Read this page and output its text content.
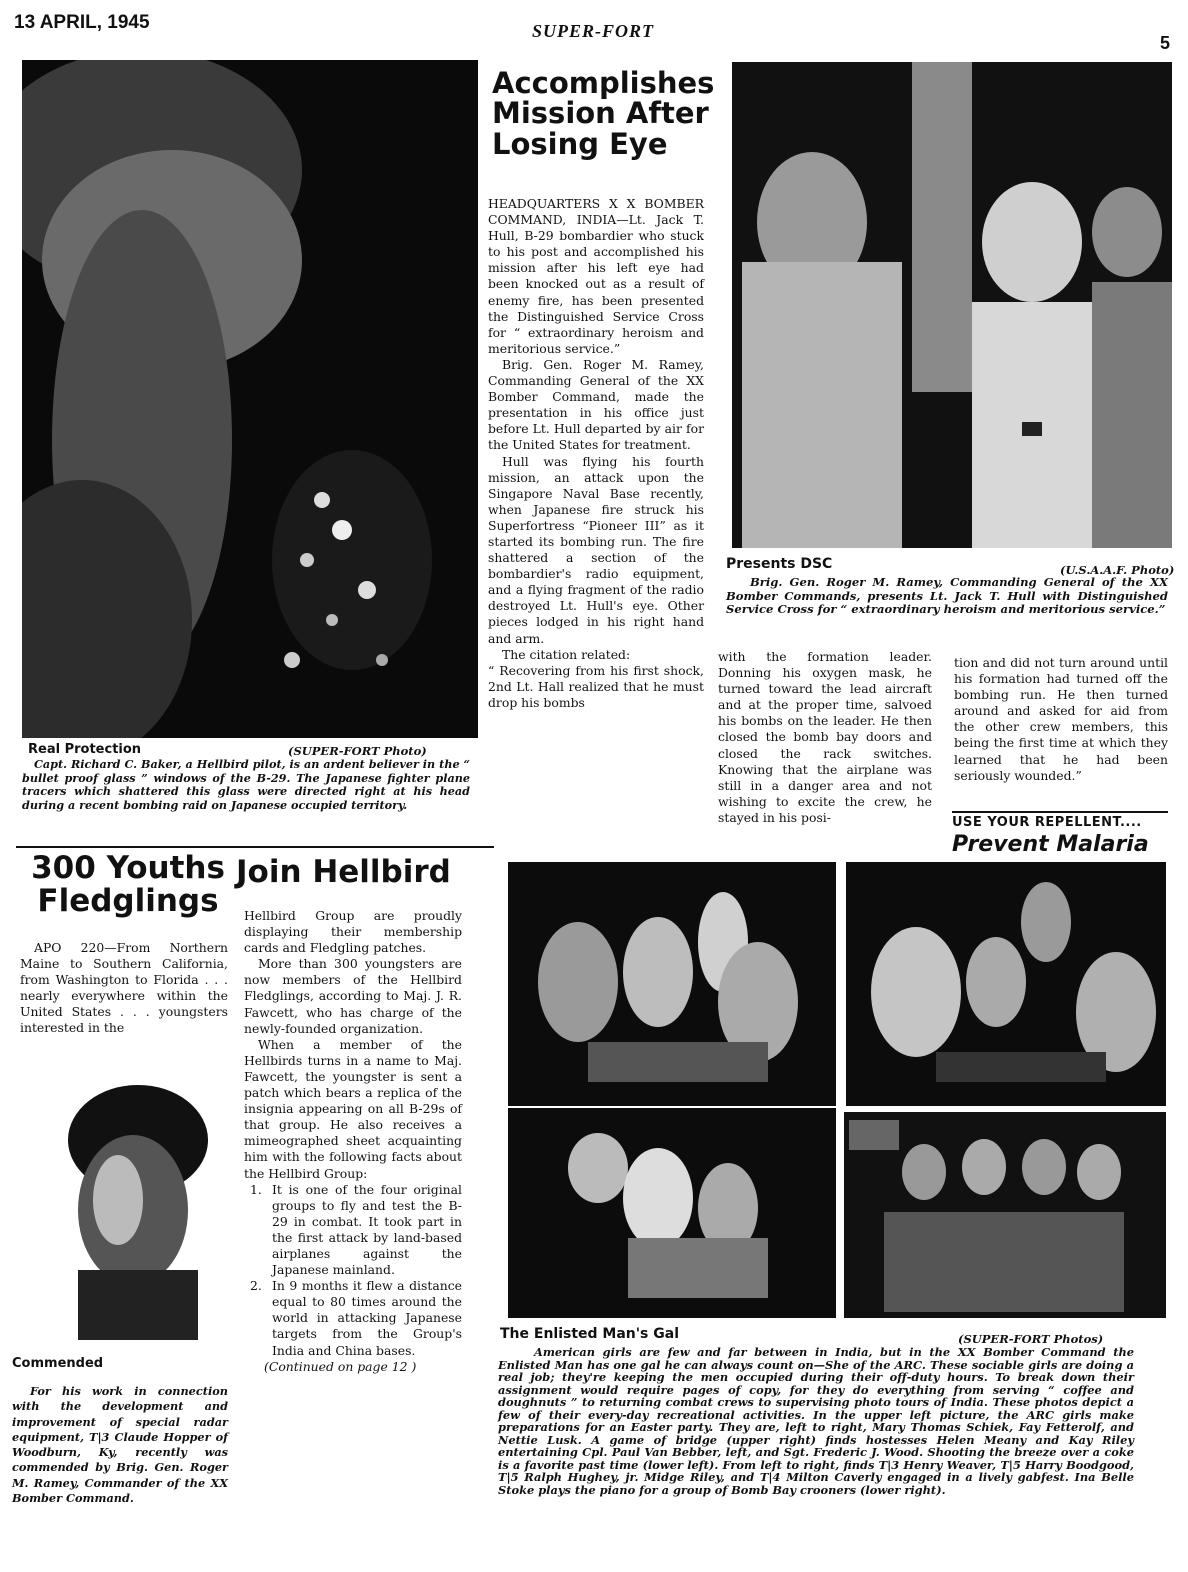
13 APRIL, 1945	SUPER-FORT
5
Real Protection	(SUPER-FORT Photo)
Capt. Richard C. Baker, a Hellbird pilot, is an ardent believer in the “ bullet proof glass ” windows of the B-29. The Japanese fighter plane tracers which shattered this glass were directed right at his head during a recent bombing raid on Japanese occupied territory.
Accomplishes
Mission After
Losing Eye

HEADQUARTERS X X BOMBER COMMAND, INDIA—Lt. Jack T. Hull, B-29 bombardier who stuck to his post and accomplished his mission after his left eye had been knocked out as a result of enemy fire, has been presented the Distinguished Service Cross for “ extraordinary heroism and meritorious service.”

Brig. Gen. Roger M. Ramey, Commanding General of the XX Bomber Command, made the presentation in his office just before Lt. Hull departed by air for the United States for treatment.

Hull was flying his fourth mission, an attack upon the Singapore Naval Base recently, when Japanese fire struck his Superfortress “Pioneer III” as it started its bombing run. The fire shattered a section of the bombardier's radio equipment, and a flying fragment of the radio destroyed Lt. Hull's eye. Other pieces lodged in his right hand and arm.

The citation related:

“ Recovering from his first shock, 2nd Lt. Hall realized that he must drop his bombs

Presents DSC	(U.S.A.A.F. Photo)
Brig. Gen. Roger M. Ramey, Commanding General of the XX Bomber Commands, presents Lt. Jack T. Hull with Distinguished Service Cross for “ extraordinary heroism and meritorious service.”

with the formation leader. Donning his oxygen mask, he turned toward the lead aircraft and at the proper time, salvoed his bombs on the leader. He then closed the bomb bay doors and closed the rack switches. Knowing that the airplane was still in a danger area and not wishing to excite the crew, he stayed in his posi-

tion and did not turn around until his formation had turned off the bombing run. He then turned around and asked for aid from the other crew members, this being the first time at which they learned that he had been seriously wounded.”

USE YOUR REPELLENT....
Prevent Malaria
300 Youths
Fledglings
Join Hellbird

APO 220—From Northern Maine to Southern California, from Washington to Florida . . . nearly everywhere within the United States . . . youngsters interested in the

Commended
For his work in connection with the development and improvement of special radar equipment, T|3 Claude Hopper of Woodburn, Ky, recently was commended by Brig. Gen. Roger M. Ramey, Commander of the XX Bomber Command.

Hellbird Group are proudly displaying their membership cards and Fledgling patches.

More than 300 youngsters are now members of the Hellbird Fledglings, according to Maj. J. R. Fawcett, who has charge of the newly-founded organization.

When a member of the Hellbirds turns in a name to Maj. Fawcett, the youngster is sent a patch which bears a replica of the insignia appearing on all B-29s of that group. He also receives a mimeographed sheet acquainting him with the following facts about the Hellbird Group:

1. It is one of the four original groups to fly and test the B-29 in combat. It took part in the first attack by land-based airplanes against the Japanese mainland.
2. In 9 months it flew a distance equal to 80 times around the world in attacking Japanese targets from the Group's India and China bases.

(Continued on page 12 )

The Enlisted Man's Gal	(SUPER-FORT Photos)
American girls are few and far between in India, but in the XX Bomber Command the Enlisted Man has one gal he can always count on—She of the ARC. These sociable girls are doing a real job; they're keeping the men occupied during their off-duty hours. To break down their assignment would require pages of copy, for they do everything from serving “ coffee and doughnuts ” to returning combat crews to supervising photo tours of India. These photos depict a few of their every-day recreational activities. In the upper left picture, the ARC girls make preparations for an Easter party. They are, left to right, Mary Thomas Schiek, Fay Fetterolf, and Nettie Lusk. A game of bridge (upper right) finds hostesses Helen Meany and Kay Riley entertaining Cpl. Paul Van Bebber, left, and Sgt. Frederic J. Wood. Shooting the breeze over a coke is a favorite past time (lower left). From left to right, finds T|3 Henry Weaver, T|5 Harry Boodgood, T|5 Ralph Hughey, jr. Midge Riley, and T|4 Milton Caverly engaged in a lively gabfest. Ina Belle Stoke plays the piano for a group of Bomb Bay crooners (lower right).
